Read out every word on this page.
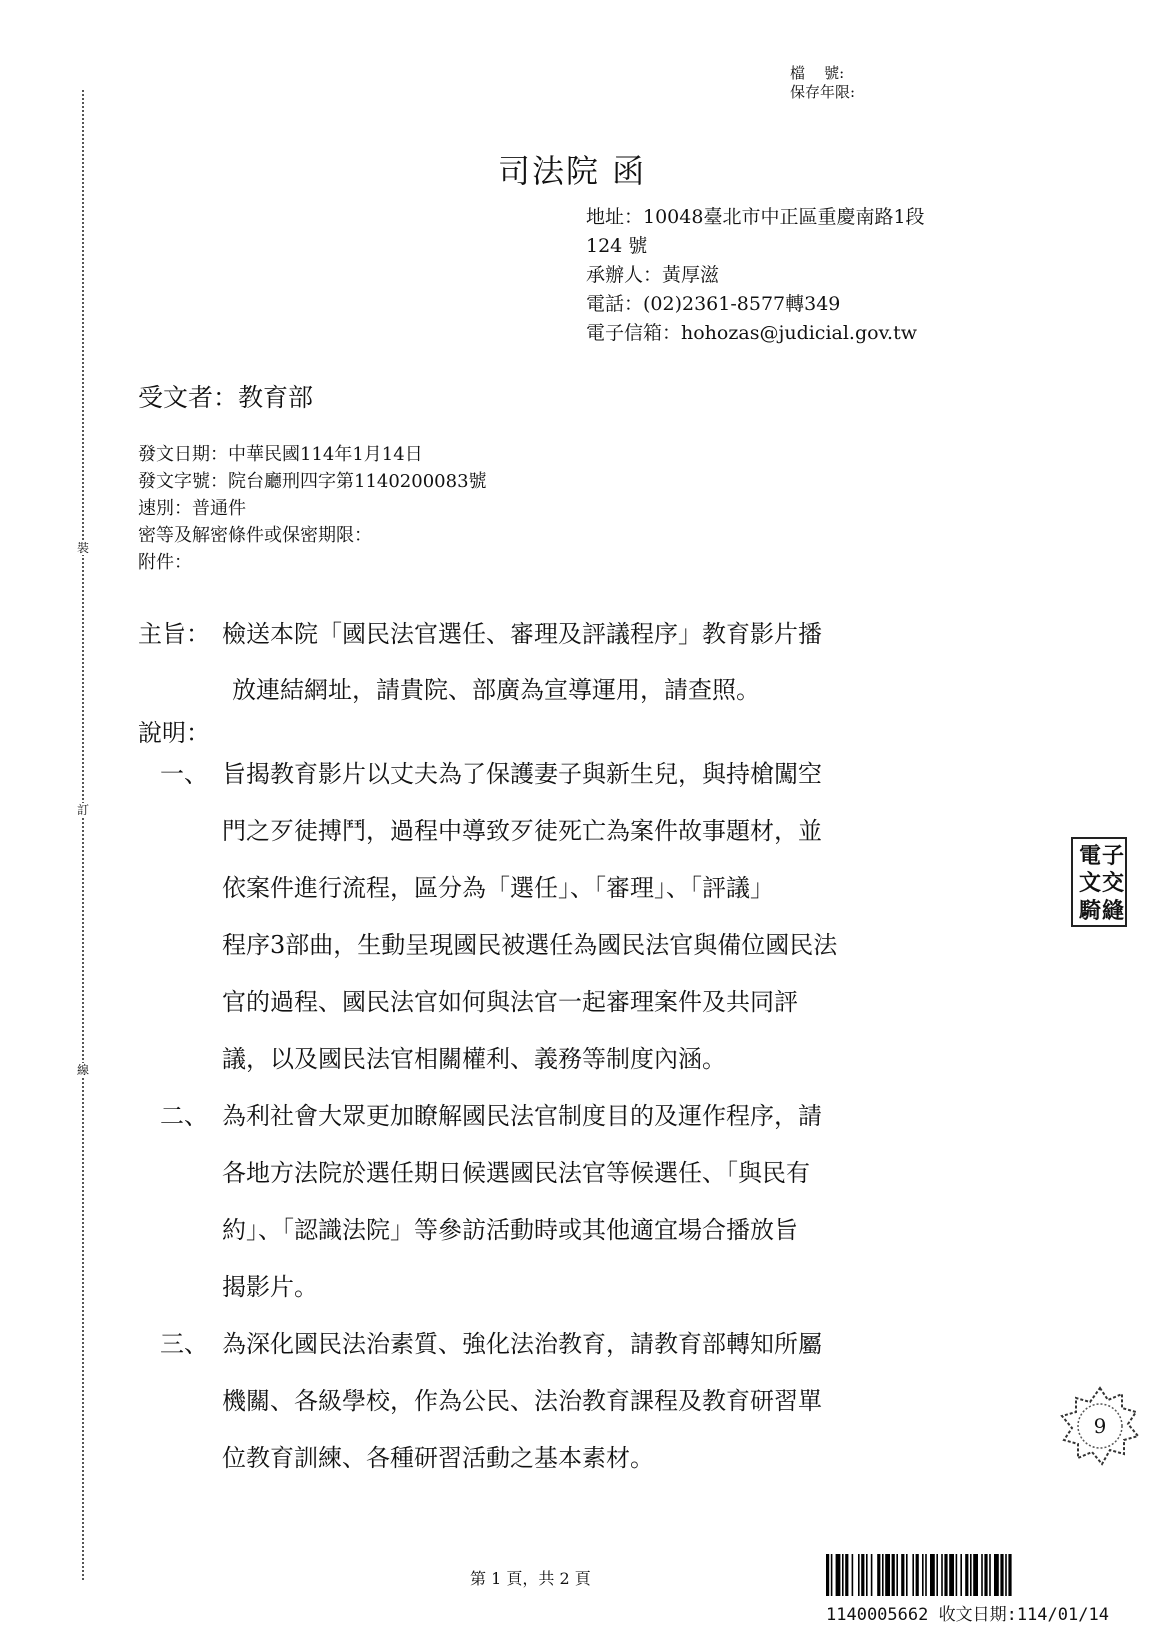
裝
訂
線
檔    號:
保存年限:
司法院 函
地址：10048臺北市中正區重慶南路1段
124 號
承辦人：黃厚滋
電話：(02)2361-8577轉349
電子信箱：hohozas@judicial.gov.tw
受文者：教育部
發文日期：中華民國114年1月14日
發文字號：院台廳刑四字第1140200083號
速別：普通件
密等及解密條件或保密期限：
附件：
主旨： 檢送本院「國民法官選任、審理及評議程序」教育影片播
放連結網址，請貴院、部廣為宣導運用，請查照。
說明：
一、 旨揭教育影片以丈夫為了保護妻子與新生兒，與持槍闖空
門之歹徒搏鬥，過程中導致歹徒死亡為案件故事題材，並
依案件進行流程，區分為「選任」、「審理」、「評議」
程序3部曲，生動呈現國民被選任為國民法官與備位國民法
官的過程、國民法官如何與法官一起審理案件及共同評
議，以及國民法官相關權利、義務等制度內涵。
二、 為利社會大眾更加瞭解國民法官制度目的及運作程序，請
各地方法院於選任期日候選國民法官等候選任、「與民有
約」、「認識法院」等參訪活動時或其他適宜場合播放旨
揭影片。
三、 為深化國民法治素質、強化法治教育，請教育部轉知所屬
機關、各級學校，作為公民、法治教育課程及教育研習單
位教育訓練、各種研習活動之基本素材。
電 子
文 交
騎 縫
9
第 1 頁，共 2 頁
1140005662 收文日期:114/01/14
